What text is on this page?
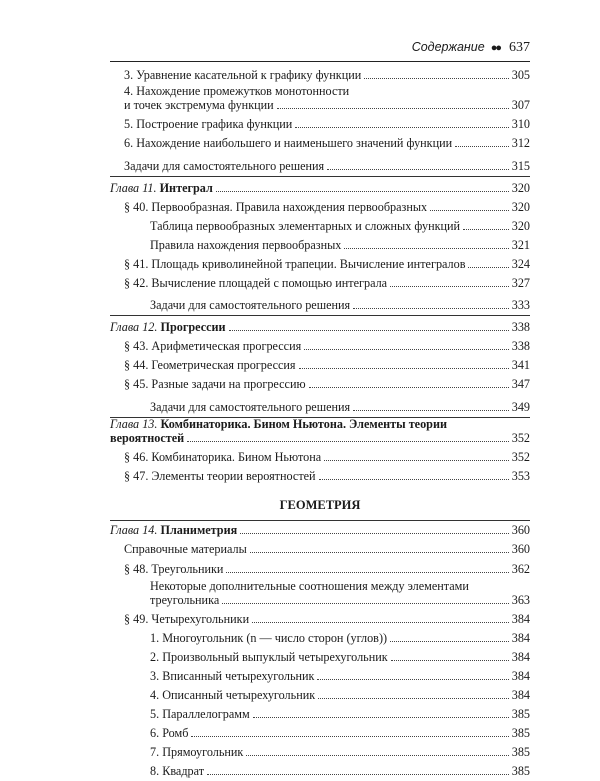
Содержание ●● 637
3. Уравнение касательной к графику функции	305
4. Нахождение промежутков монотонности
и точек экстремума функции	307
5. Построение графика функции	310
6. Нахождение наибольшего и наименьшего значений функции	312
Задачи для самостоятельного решения	315
Глава 11. Интеграл	320
§ 40. Первообразная. Правила нахождения первообразных	320
Таблица первообразных элементарных и сложных функций	320
Правила нахождения первообразных	321
§ 41. Площадь криволинейной трапеции. Вычисление интегралов	324
§ 42. Вычисление площадей с помощью интеграла	327
Задачи для самостоятельного решения	333
Глава 12. Прогрессии	338
§ 43. Арифметическая прогрессия	338
§ 44. Геометрическая прогрессия	341
§ 45. Разные задачи на прогрессию	347
Задачи для самостоятельного решения	349
Глава 13. Комбинаторика. Бином Ньютона. Элементы теории
вероятностей	352
§ 46. Комбинаторика. Бином Ньютона	352
§ 47. Элементы теории вероятностей	353
ГЕОМЕТРИЯ
Глава 14. Планиметрия	360
Справочные материалы	360
§ 48. Треугольники	362
Некоторые дополнительные соотношения между элементами
треугольника	363
§ 49. Четырехугольники	384
1. Многоугольник (n — число сторон (углов))	384
2. Произвольный выпуклый четырехугольник	384
3. Вписанный четырехугольник	384
4. Описанный четырехугольник	384
5. Параллелограмм	385
6. Ромб	385
7. Прямоугольник	385
8. Квадрат	385
